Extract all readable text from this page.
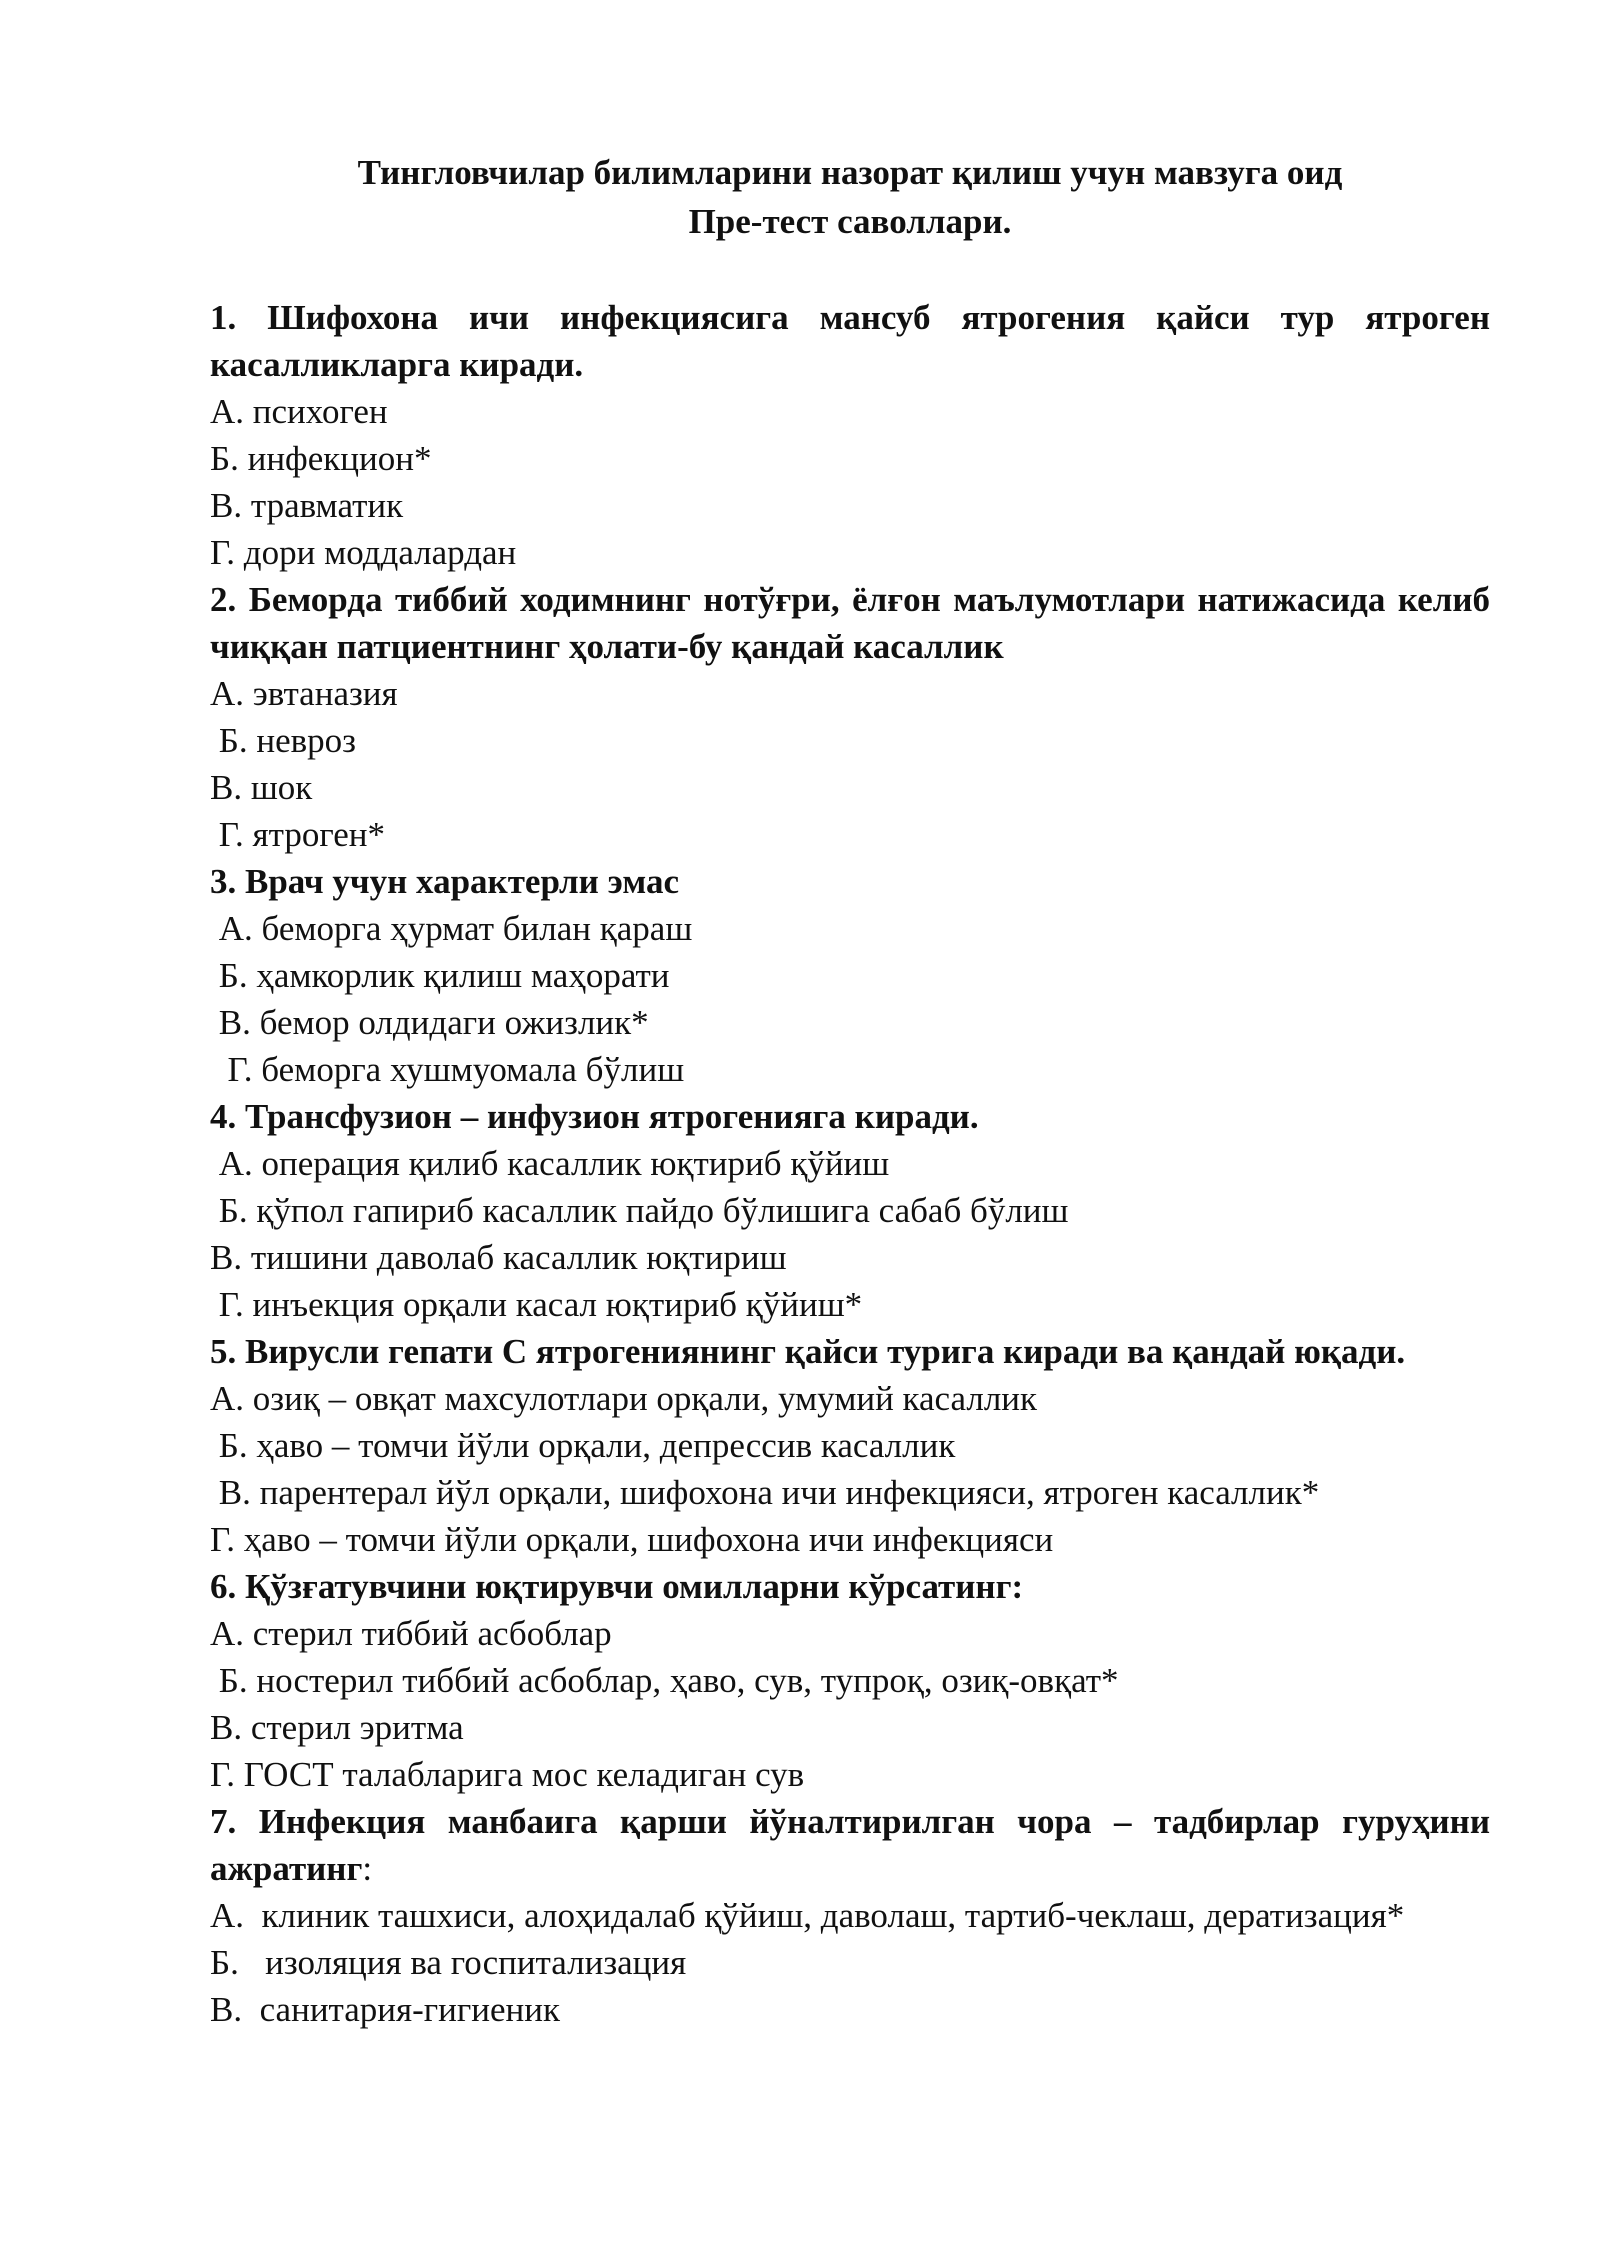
Тингловчилар билимларини назорат қилиш учун мавзуга оид

Пре-тест саволлари.

1. Шифохона ичи инфекциясига мансуб ятрогения қайси тур ятроген касалликларга киради.

А. психоген

Б. инфекцион*

В. травматик

Г. дори моддалардан

2. Беморда тиббий ходимнинг нотўғри, ёлғон маълумотлари натижасида келиб чиққан патциентнинг ҳолати-бу қандай касаллик

А. эвтаназия

Б. невроз

В. шок

Г. ятроген*

3. Врач учун характерли эмас

А. беморга ҳурмат билан қараш

Б. ҳамкорлик қилиш маҳорати

В. бемор олдидаги ожизлик*

Г. беморга хушмуомала бўлиш

4. Трансфузион – инфузион ятрогенияга киради.

А. операция қилиб касаллик юқтириб қўйиш

Б. қўпол гапириб касаллик пайдо бўлишига сабаб бўлиш

В. тишини даволаб касаллик юқтириш

Г. инъекция орқали касал юқтириб қўйиш*

5. Вирусли гепати С ятрогениянинг қайси турига киради ва қандай юқади.

А. озиқ – овқат махсулотлари орқали, умумий касаллик

Б. ҳаво – томчи йўли орқали, депрессив касаллик

В. парентерал йўл орқали, шифохона ичи инфекцияси, ятроген касаллик*

Г. ҳаво – томчи йўли орқали, шифохона ичи инфекцияси

6. Қўзғатувчини юқтирувчи омилларни кўрсатинг:

А. стерил тиббий асбоблар

Б. ностерил тиббий асбоблар, ҳаво, сув, тупроқ, озиқ-овқат*

В. стерил эритма

Г. ГОСТ талабларига мос келадиган сув

7. Инфекция манбаига қарши йўналтирилган чора – тадбирлар гуруҳини ажратинг:

А.  клиник ташхиси, алоҳидалаб қўйиш, даволаш, тартиб-чеклаш, дератизация*

Б.   изоляция ва госпитализация

В.  санитария-гигиеник
